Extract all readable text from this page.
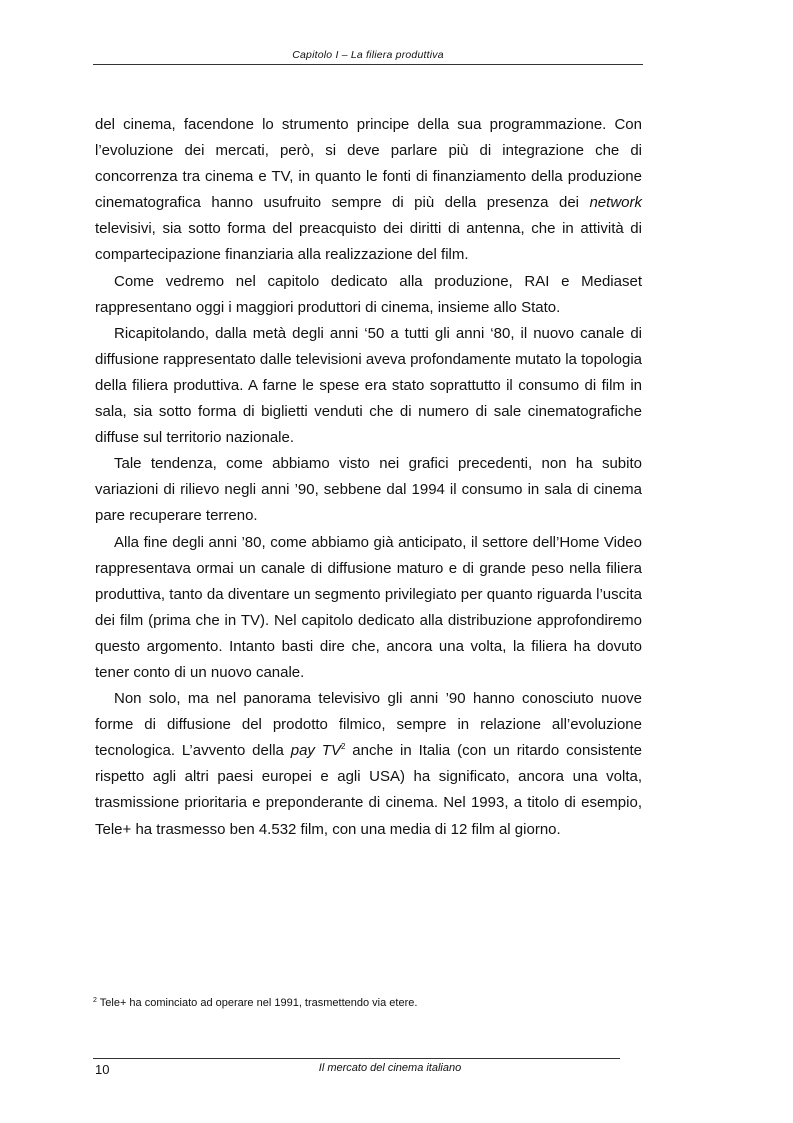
Capitolo I – La filiera produttiva

del cinema, facendone lo strumento principe della sua programmazione. Con l’evoluzione dei mercati, però, si deve parlare più di integrazione che di concorrenza tra cinema e TV, in quanto le fonti di finanziamento della produzione cinematografica hanno usufruito sempre di più della presenza dei network televisivi, sia sotto forma del preacquisto dei diritti di antenna, che in attività di compartecipazione finanziaria alla realizzazione del film.

Come vedremo nel capitolo dedicato alla produzione, RAI e Mediaset rappresentano oggi i maggiori produttori di cinema, insieme allo Stato.

Ricapitolando, dalla metà degli anni ‘50 a tutti gli anni ‘80, il nuovo canale di diffusione rappresentato dalle televisioni aveva profondamente mutato la topologia della filiera produttiva. A farne le spese era stato soprattutto il consumo di film in sala, sia sotto forma di biglietti venduti che di numero di sale cinematografiche diffuse sul territorio nazionale.

Tale tendenza, come abbiamo visto nei grafici precedenti, non ha subito variazioni di rilievo negli anni ’90, sebbene dal 1994 il consumo in sala di cinema pare recuperare terreno.

Alla fine degli anni ’80, come abbiamo già anticipato, il settore dell’Home Video rappresentava ormai un canale di diffusione maturo e di grande peso nella filiera produttiva, tanto da diventare un segmento privilegiato per quanto riguarda l’uscita dei film (prima che in TV). Nel capitolo dedicato alla distribuzione approfondiremo questo argomento. Intanto basti dire che, ancora una volta, la filiera ha dovuto tener conto di un nuovo canale.

Non solo, ma nel panorama televisivo gli anni ’90 hanno conosciuto nuove forme di diffusione del prodotto filmico, sempre in relazione all’evoluzione tecnologica. L’avvento della pay $TV^2$ anche in Italia (con un ritardo consistente rispetto agli altri paesi europei e agli USA) ha significato, ancora una volta, trasmissione prioritaria e preponderante di cinema. Nel 1993, a titolo di esempio, Tele+ ha trasmesso ben 4.532 film, con una media di 12 film al giorno.

$^2$ Tele+ ha cominciato ad operare nel 1991, trasmettendo via etere.
10	Il mercato del cinema italiano
